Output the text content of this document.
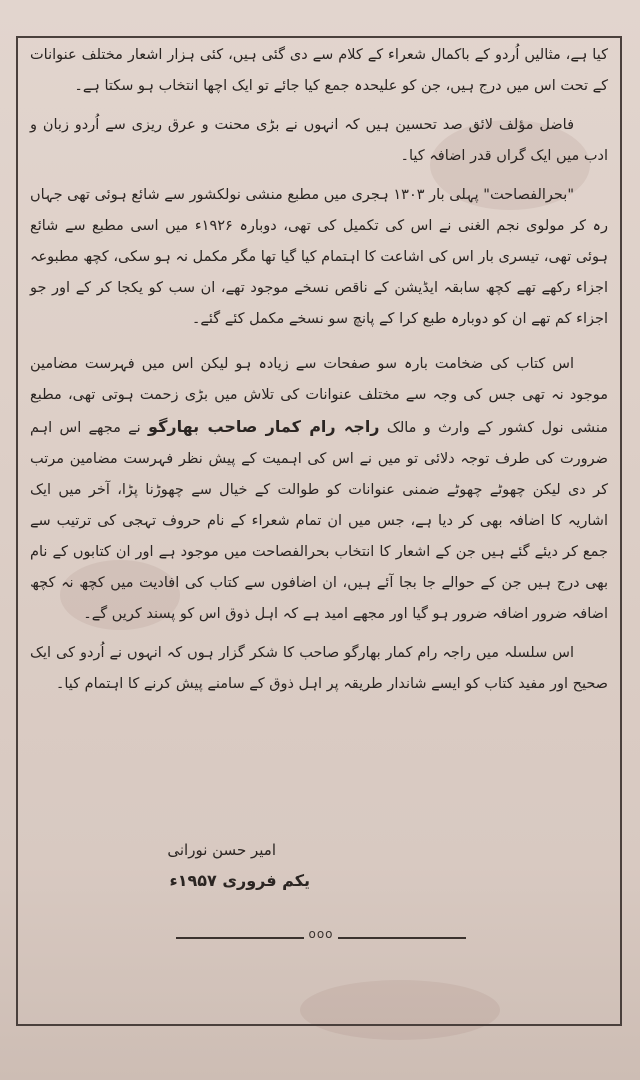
کیا ہے، مثالیں اُردو کے باکمال شعراء کے کلام سے دی گئی ہیں، کئی ہزار اشعار مختلف عنوانات کے تحت اس میں درج ہیں، جن کو علیحدہ جمع کیا جائے تو ایک اچھا انتخاب ہو سکتا ہے۔

فاضل مؤلف لائق صد تحسین ہیں کہ انہوں نے بڑی محنت و عرق ریزی سے اُردو زبان و ادب میں ایک گراں قدر اضافہ کیا۔

"بحرالفصاحت" پہلی بار ۱۳۰۳ ہجری میں مطبع منشی نولکشور سے شائع ہوئی تھی جہاں رہ کر مولوی نجم الغنی نے اس کی تکمیل کی تھی، دوبارہ ۱۹۲۶ء میں اسی مطبع سے شائع ہوئی تھی، تیسری بار اس کی اشاعت کا اہتمام کیا گیا تھا مگر مکمل نہ ہو سکی، کچھ مطبوعہ اجزاء رکھے تھے کچھ سابقہ ایڈیشن کے ناقص نسخے موجود تھے، ان سب کو یکجا کر کے اور جو اجزاء کم تھے ان کو دوبارہ طبع کرا کے پانچ سو نسخے مکمل کئے گئے۔

اس کتاب کی ضخامت بارہ سو صفحات سے زیادہ ہو لیکن اس میں فہرست مضامین موجود نہ تھی جس کی وجہ سے مختلف عنوانات کی تلاش میں بڑی زحمت ہوتی تھی، مطبع منشی نول کشور کے وارث و مالک راجہ رام کمار صاحب بھارگو نے مجھے اس اہم ضرورت کی طرف توجہ دلائی تو میں نے اس کی اہمیت کے پیش نظر فہرست مضامین مرتب کر دی لیکن چھوٹے چھوٹے ضمنی عنوانات کو طوالت کے خیال سے چھوڑنا پڑا، آخر میں ایک اشاریہ کا اضافہ بھی کر دیا ہے، جس میں ان تمام شعراء کے نام حروف تہجی کی ترتیب سے جمع کر دیئے گئے ہیں جن کے اشعار کا انتخاب بحرالفصاحت میں موجود ہے اور ان کتابوں کے نام بھی درج ہیں جن کے حوالے جا بجا آئے ہیں، ان اضافوں سے کتاب کی افادیت میں کچھ نہ کچھ اضافہ ضرور اضافہ ضرور ہو گیا اور مجھے امید ہے کہ اہل ذوق اس کو پسند کریں گے۔

اس سلسلہ میں راجہ رام کمار بھارگو صاحب کا شکر گزار ہوں کہ انہوں نے اُردو کی ایک صحیح اور مفید کتاب کو ایسے شاندار طریقہ پر اہل ذوق کے سامنے پیش کرنے کا اہتمام کیا۔

امیر حسن نورانی
یکم فروری ۱۹۵۷ء
ooo
